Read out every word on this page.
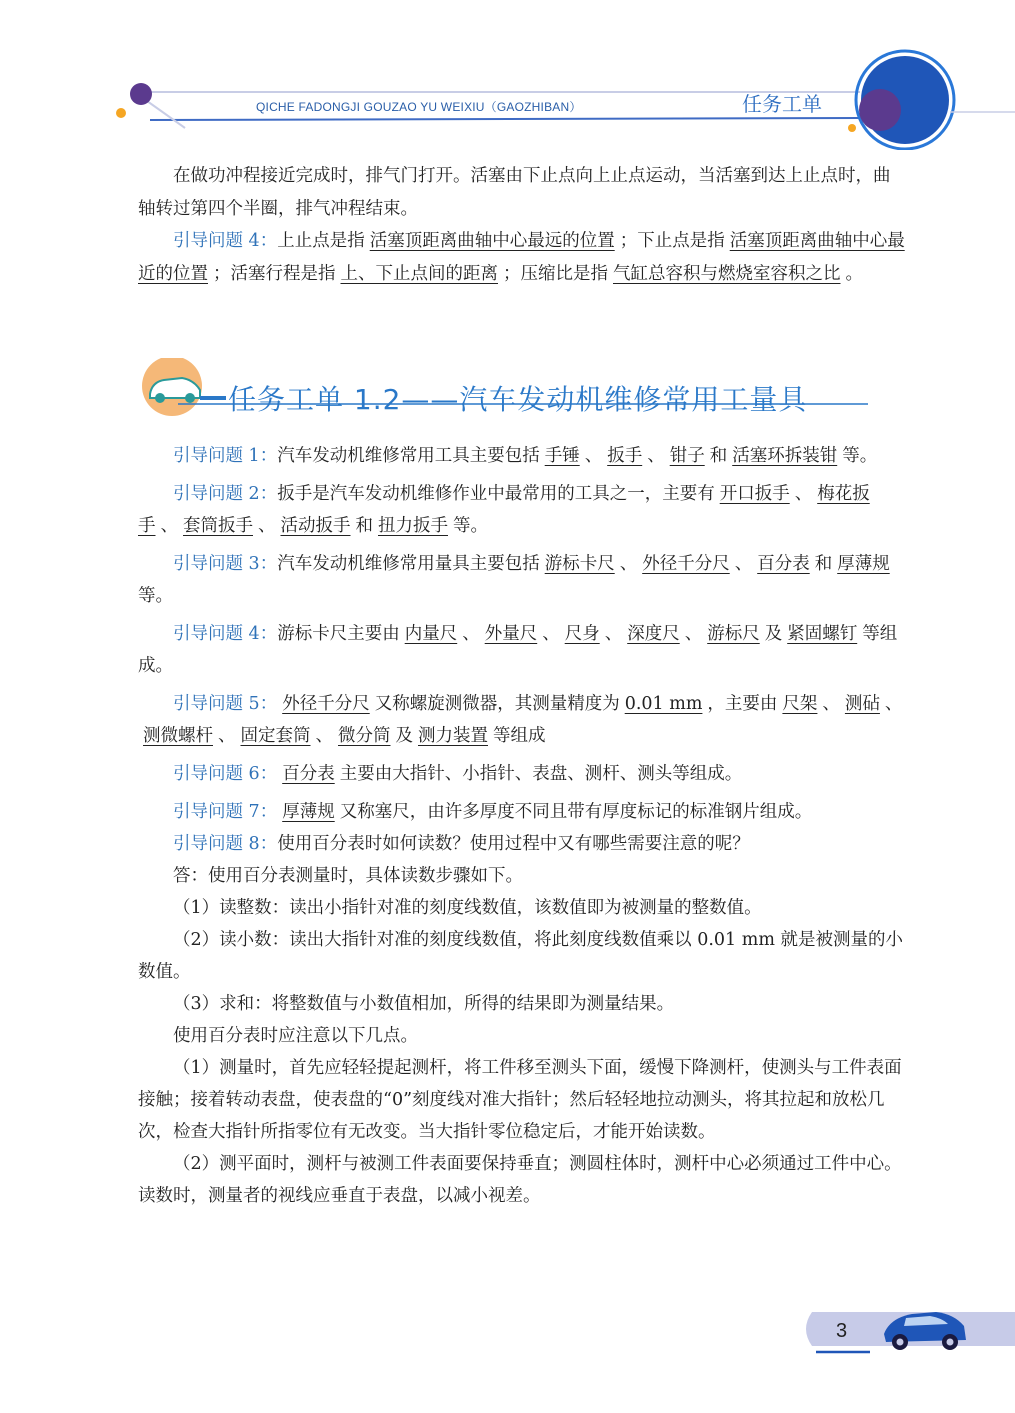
QICHE FADONGJI GOUZAO YU WEIXIU（GAOZHIBAN）	任务工单

在做功冲程接近完成时，排气门打开。活塞由下止点向上止点运动，当活塞到达上止点时，曲轴转过第四个半圈，排气冲程结束。

引导问题 4：上止点是指 活塞顶距离曲轴中心最远的位置 ；下止点是指 活塞顶距离曲轴中心最近的位置 ；活塞行程是指 上、下止点间的距离 ；压缩比是指 气缸总容积与燃烧室容积之比 。

任务工单 1.2——汽车发动机维修常用工量具

引导问题 1：汽车发动机维修常用工具主要包括 手锤 、 扳手 、 钳子 和 活塞环拆装钳 等。

引导问题 2：扳手是汽车发动机维修作业中最常用的工具之一，主要有 开口扳手 、 梅花扳手 、 套筒扳手 、 活动扳手 和 扭力扳手 等。

引导问题 3：汽车发动机维修常用量具主要包括 游标卡尺 、 外径千分尺 、 百分表 和 厚薄规等。

引导问题 4：游标卡尺主要由 内量尺 、 外量尺 、 尺身 、 深度尺 、 游标尺 及 紧固螺钉 等组成。

引导问题 5： 外径千分尺 又称螺旋测微器，其测量精度为 0.01 mm ，主要由 尺架 、 测砧 、测微螺杆 、 固定套筒 、 微分筒 及 测力装置 等组成

引导问题 6： 百分表 主要由大指针、小指针、表盘、测杆、测头等组成。

引导问题 7： 厚薄规 又称塞尺，由许多厚度不同且带有厚度标记的标准钢片组成。

引导问题 8：使用百分表时如何读数？使用过程中又有哪些需要注意的呢？

答：使用百分表测量时，具体读数步骤如下。

（1）读整数：读出小指针对准的刻度线数值，该数值即为被测量的整数值。

（2）读小数：读出大指针对准的刻度线数值，将此刻度线数值乘以 0.01 mm 就是被测量的小数值。

（3）求和：将整数值与小数值相加，所得的结果即为测量结果。

使用百分表时应注意以下几点。

（1）测量时，首先应轻轻提起测杆，将工件移至测头下面，缓慢下降测杆，使测头与工件表面接触；接着转动表盘，使表盘的“0”刻度线对准大指针；然后轻轻地拉动测头，将其拉起和放松几次，检查大指针所指零位有无改变。当大指针零位稳定后，才能开始读数。

（2）测平面时，测杆与被测工件表面要保持垂直；测圆柱体时，测杆中心必须通过工件中心。读数时，测量者的视线应垂直于表盘，以减小视差。

3
